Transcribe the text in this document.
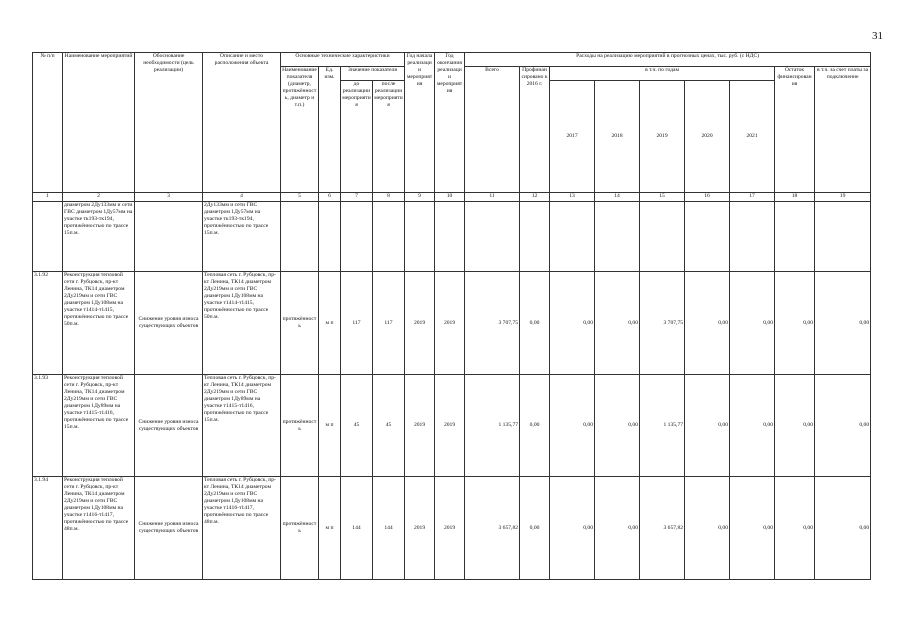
31
№ п/п	Наименование мероприятий	Обоснование необходимости (цель реализации)	Описание и место расположения объекта	Основные технические характеристики				Год начала реализации мероприятия	Год окончания реализации мероприятия	Расходы на реализацию мероприятий в прогнозных ценах, тыс. руб. (с НДС)								
				Наименование показателя (диаметр, протяжённость, диаметр и т.п.)	Ед. изм.	Значение показателя				Всего	Профинансировано к 2016 г.	в т.ч. по годам					Остаток финансирования	в т.ч. за счет платы за подключение
						до реализации мероприятия	после реализации мероприятия					2017	2018	2019	2020	2021		
1	2	3	4	5	6	7	8	9	10	11	12	13	14	15	16	17	18	19
	диаметром 2Ду133мм и сети ГВС диаметром 1Ду57мм на участке тк193-тк194, протяжённостью по трассе 15п.м.		2Ду133мм и сети ГВС диаметром 1Ду57мм на участке тк193-тк194, протяжённостью по трассе 15п.м.															
3.1.92	Реконструкция тепловой сети г. Рубцовск, пр-кт Ленина, ТК14 диаметром 2Ду219мм и сети ГВС диаметром 1Ду108мм на участке т1414-т1415, протяжённостью по трассе 50п.м.	Снижение уровня износа существующих объектов	Тепловая сеть г. Рубцовск, пр-кт Ленина, ТК14 диаметром 2Ду219мм и сети ГВС диаметром 1Ду108мм на участке т1414-т1415, протяжённостью по трассе 50п.м.	протяжённость	м п	117	117	2019	2019	3 707,75	0,00	0,00	0,00	3 707,75	0,00	0,00	0,00	0,00
3.1.93	Реконструкция тепловой сети г. Рубцовск, пр-кт Ленина, ТК14 диаметром 2Ду219мм и сети ГВС диаметром 1Ду89мм на участке т1415-т1416, протяжённостью по трассе 15п.м.	Снижение уровня износа существующих объектов	Тепловая сеть г. Рубцовск, пр-кт Ленина, ТК14 диаметром 2Ду219мм и сети ГВС диаметром 1Ду89мм на участке т1415-т1416, протяжённостью по трассе 15п.м.	протяжённость	м п	45	45	2019	2019	1 135,77	0,00	0,00	0,00	1 135,77	0,00	0,00	0,00	0,00
3.1.94	Реконструкция тепловой сети г. Рубцовск, пр-кт Ленина, ТК14 диаметром 2Ду219мм и сети ГВС диаметром 1Ду108мм на участке т1416-т1417, протяжённостью по трассе 48п.м.	Снижение уровня износа существующих объектов	Тепловая сеть г. Рубцовск, пр-кт Ленина, ТК14 диаметром 2Ду219мм и сети ГВС диаметром 1Ду108мм на участке т1416-т1417, протяжённостью по трассе 48п.м.	протяжённость	м п	144	144	2019	2019	3 657,82	0,00	0,00	0,00	3 657,82	0,00	0,00	0,00	0,00
